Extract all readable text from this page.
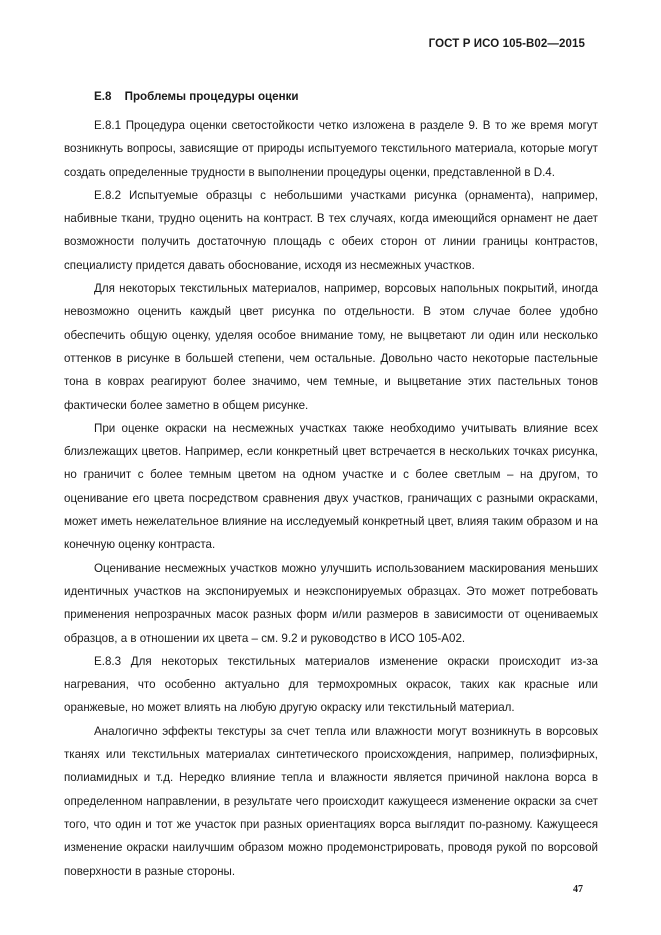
ГОСТ Р ИСО 105-В02—2015
Е.8 Проблемы процедуры оценки

Е.8.1 Процедура оценки светостойкости четко изложена в разделе 9. В то же время могут возникнуть вопросы, зависящие от природы испытуемого текстильного материала, которые могут создать определенные трудности в выполнении процедуры оценки, представленной в D.4.

Е.8.2 Испытуемые образцы с небольшими участками рисунка (орнамента), например, набивные ткани, трудно оценить на контраст. В тех случаях, когда имеющийся орнамент не дает возможности получить достаточную площадь с обеих сторон от линии границы контрастов, специалисту придется давать обоснование, исходя из несмежных участков.

Для некоторых текстильных материалов, например, ворсовых напольных покрытий, иногда невозможно оценить каждый цвет рисунка по отдельности. В этом случае более удобно обеспечить общую оценку, уделяя особое внимание тому, не выцветают ли один или несколько оттенков в рисунке в большей степени, чем остальные. Довольно часто некоторые пастельные тона в коврах реагируют более значимо, чем темные, и выцветание этих пастельных тонов фактически более заметно в общем рисунке.

При оценке окраски на несмежных участках также необходимо учитывать влияние всех близлежащих цветов. Например, если конкретный цвет встречается в нескольких точках рисунка, но граничит с более темным цветом на одном участке и с более светлым – на другом, то оценивание его цвета посредством сравнения двух участков, граничащих с разными окрасками, может иметь нежелательное влияние на исследуемый конкретный цвет, влияя таким образом и на конечную оценку контраста.

Оценивание несмежных участков можно улучшить использованием маскирования меньших идентичных участков на экспонируемых и неэкспонируемых образцах. Это может потребовать применения непрозрачных масок разных форм и/или размеров в зависимости от оцениваемых образцов, а в отношении их цвета – см. 9.2 и руководство в ИСО 105-А02.

Е.8.3 Для некоторых текстильных материалов изменение окраски происходит из-за нагревания, что особенно актуально для термохромных окрасок, таких как красные или оранжевые, но может влиять на любую другую окраску или текстильный материал.

Аналогично эффекты текстуры за счет тепла или влажности могут возникнуть в ворсовых тканях или текстильных материалах синтетического происхождения, например, полиэфирных, полиамидных и т.д. Нередко влияние тепла и влажности является причиной наклона ворса в определенном направлении, в результате чего происходит кажущееся изменение окраски за счет того, что один и тот же участок при разных ориентациях ворса выглядит по-разному. Кажущееся изменение окраски наилучшим образом можно продемонстрировать, проводя рукой по ворсовой поверхности в разные стороны.

47
